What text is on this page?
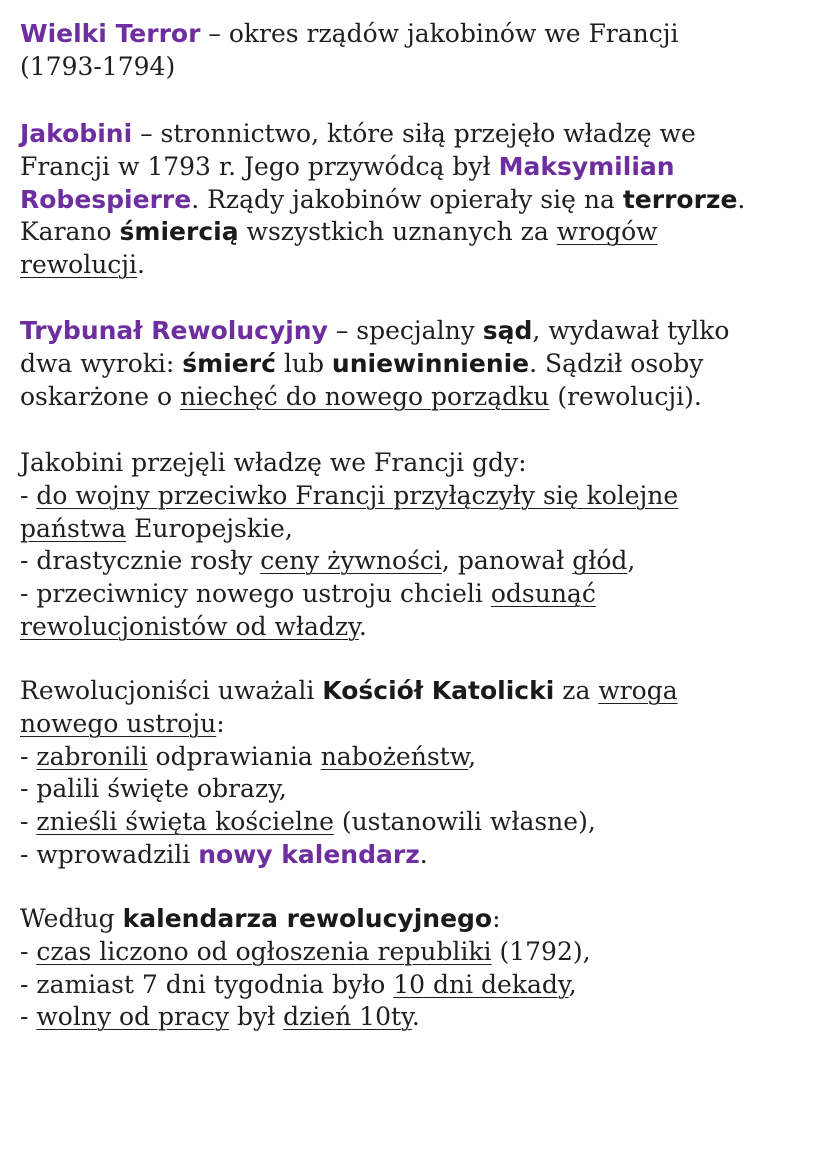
Wielki Terror – okres rządów jakobinów we Francji
(1793-1794)

Jakobini – stronnictwo, które siłą przejęło władzę we
Francji w 1793 r. Jego przywódcą był Maksymilian
Robespierre. Rządy jakobinów opierały się na terrorze.
Karano śmiercią wszystkich uznanych za wrogów
rewolucji.

Trybunał Rewolucyjny – specjalny sąd, wydawał tylko
dwa wyroki: śmierć lub uniewinnienie. Sądził osoby
oskarżone o niechęć do nowego porządku (rewolucji).

Jakobini przejęli władzę we Francji gdy:
- do wojny przeciwko Francji przyłączyły się kolejne
państwa Europejskie,
- drastycznie rosły ceny żywności, panował głód,
- przeciwnicy nowego ustroju chcieli odsunąć
rewolucjonistów od władzy.

Rewolucjoniści uważali Kościół Katolicki za wroga
nowego ustroju:
- zabronili odprawiania nabożeństw,
- palili święte obrazy,
- znieśli święta kościelne (ustanowili własne),
- wprowadzili nowy kalendarz.

Według kalendarza rewolucyjnego:
- czas liczono od ogłoszenia republiki (1792),
- zamiast 7 dni tygodnia było 10 dni dekady,
- wolny od pracy był dzień 10ty.
